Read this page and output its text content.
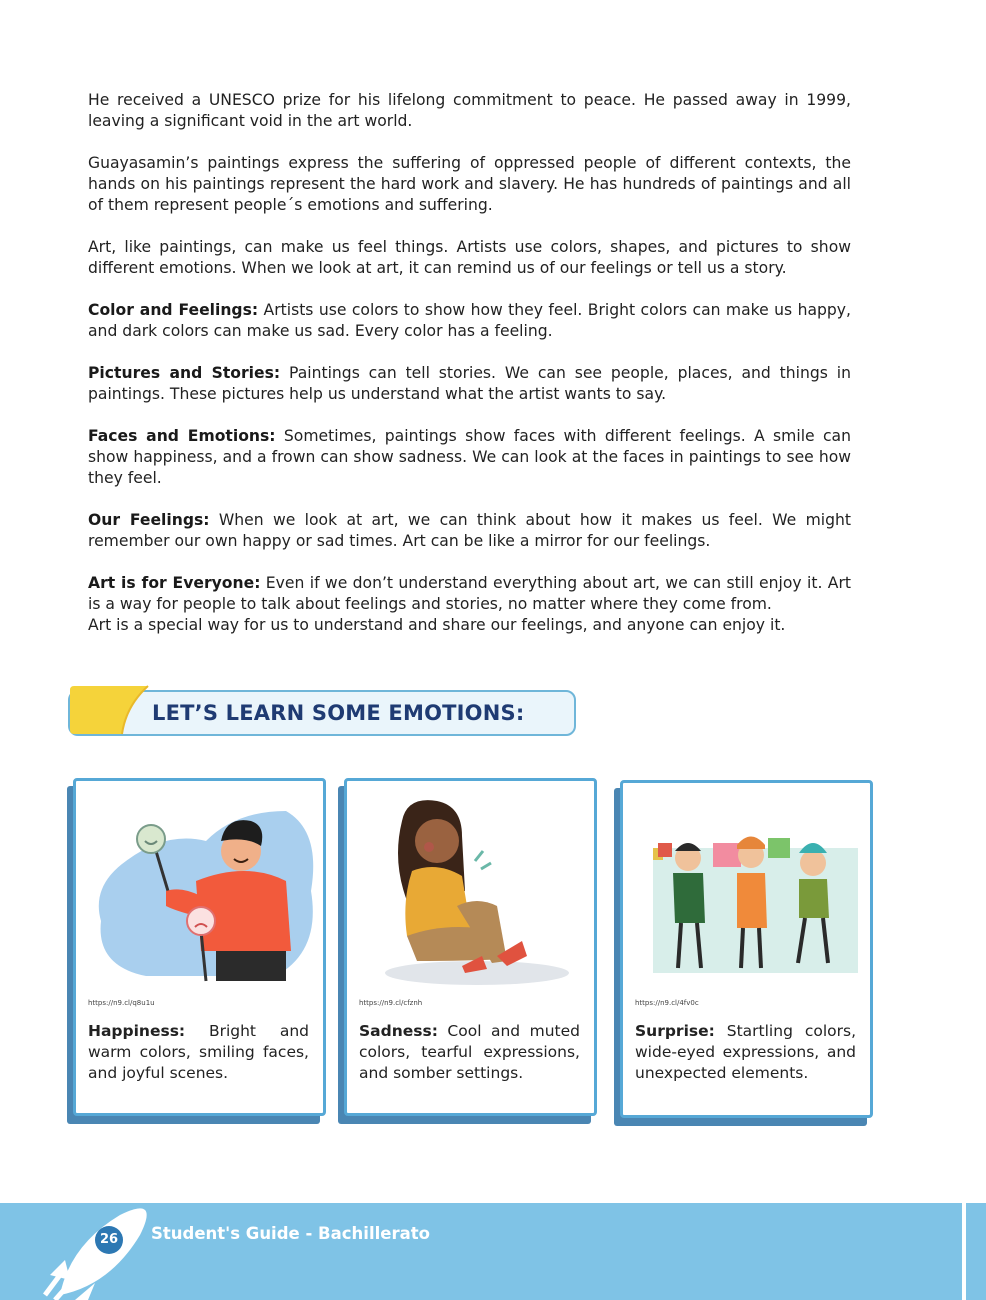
He received a UNESCO prize for his lifelong commitment to peace. He passed away in 1999, leaving a significant void in the art world.

Guayasamin’s paintings express the suffering of oppressed people of different contexts, the hands on his paintings represent the hard work and slavery. He has hundreds of paintings and all of them represent people´s emotions and suffering.

Art, like paintings, can make us feel things. Artists use colors, shapes, and pictures to show different emotions. When we look at art, it can remind us of our feelings or tell us a story.

Color and Feelings: Artists use colors to show how they feel. Bright colors can make us happy, and dark colors can make us sad. Every color has a feeling.

Pictures and Stories: Paintings can tell stories. We can see people, places, and things in paintings. These pictures help us understand what the artist wants to say.

Faces and Emotions: Sometimes, paintings show faces with different feelings. A smile can show happiness, and a frown can show sadness. We can look at the faces in paintings to see how they feel.

Our Feelings: When we look at art, we can think about how it makes us feel. We might remember our own happy or sad times. Art can be like a mirror for our feelings.

Art is for Everyone: Even if we don’t understand everything about art, we can still enjoy it. Art is a way for people to talk about feelings and stories, no matter where they come from.

Art is a special way for us to understand and share our feelings, and anyone can enjoy it.

LET’S LEARN SOME EMOTIONS:
https://n9.cl/q8u1u
Happiness: Bright and warm colors, smiling faces, and joyful scenes.
https://n9.cl/cfznh
Sadness: Cool and muted colors, tearful expressions, and somber settings.
https://n9.cl/4fv0c
Surprise: Startling colors, wide-eyed expressions, and unexpected elements.
26	Student's Guide - Bachillerato
